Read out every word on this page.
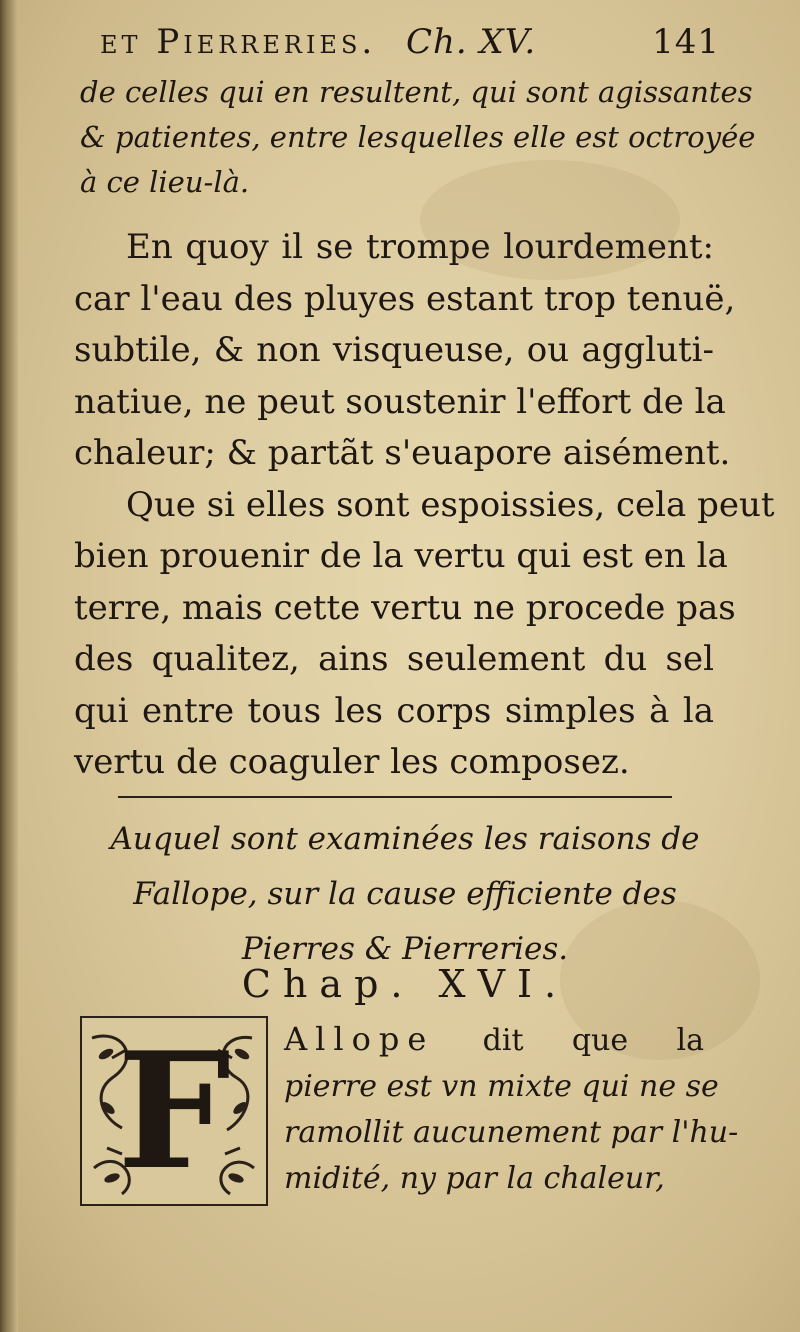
et Pierreries. Ch. XV.	141
de celles qui en resultent, qui sont agissantes
& patientes, entre lesquelles elle est octroyée
à ce lieu-là.
En quoy il se trompe lourdement:
car l'eau des pluyes estant trop tenuë,
subtile, & non visqueuse, ou aggluti-
natiue, ne peut soustenir l'effort de la
chaleur; & partãt s'euapore aisément.
Que si elles sont espoissies, cela peut
bien prouenir de la vertu qui est en la
terre, mais cette vertu ne procede pas
des qualitez, ains seulement du sel
qui entre tous les corps simples à la
vertu de coaguler les composez.
Auquel sont examinées les raisons de
Fallope, sur la cause efficiente des
Pierres & Pierreries.
Chap. XVI.
F	Allope dit que la
pierre est vn mixte qui ne se
ramollit aucunement par l'hu-
midité, ny par la chaleur,
